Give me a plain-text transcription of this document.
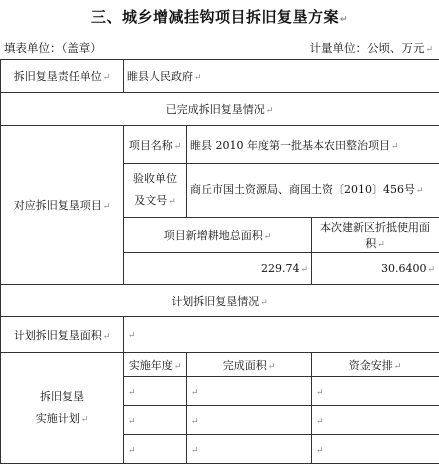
三、城乡增减挂钩项目拆旧复垦方案↵
填表单位：（盖章）	计量单位：公顷、万元↵
拆旧复垦责任单位↵	睢县人民政府↵		
已完成拆旧复垦情况↵			
对应拆旧复垦项目↵	项目名称↵	睢县 2010 年度第一批基本农田整治项目↵	

	验收单位
及文号↵	商丘市国土资源局、商国土资〔2010〕456号↵	
	项目新增耕地总面积↵		本次建新区折抵使用面积↵
	229.74↵		30.6400↵
计划拆旧复垦情况↵			
计划拆旧复垦面积↵	↵		

拆旧复垦
实施计划↵	实施年度↵	完成面积↵	资金安排↵
	↵	↵	↵
	↵	↵	↵
	↵	↵	↵
